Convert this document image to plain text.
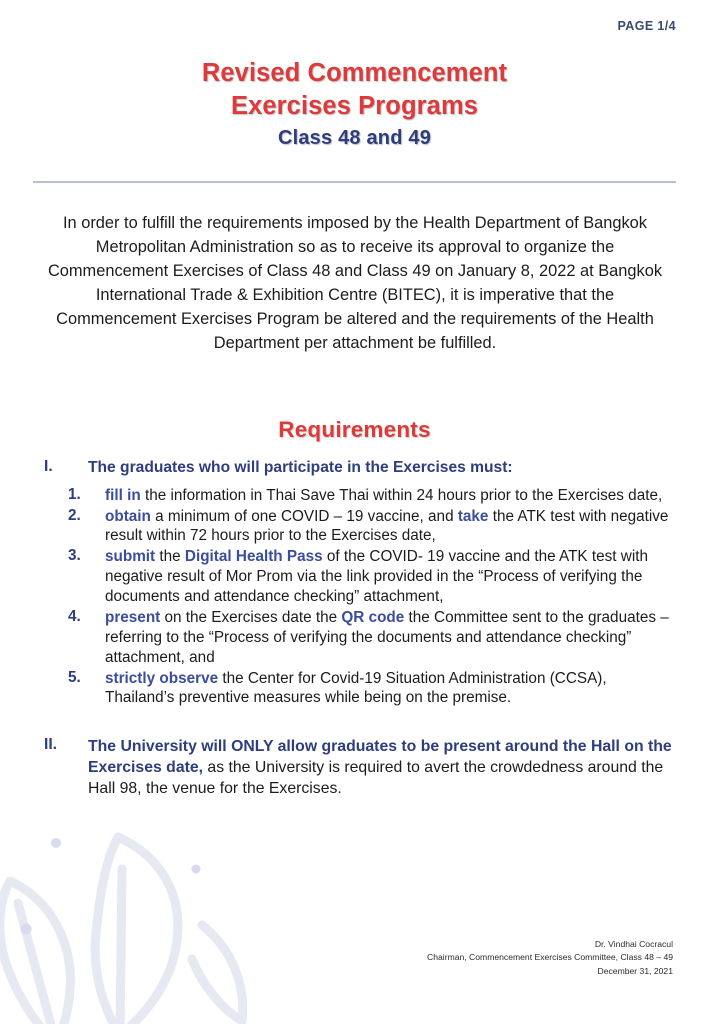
PAGE 1/4
Revised Commencement
Exercises Programs
Class 48 and 49
In order to fulfill the requirements imposed by the Health Department of Bangkok Metropolitan Administration so as to receive its approval to organize the Commencement Exercises of Class 48 and Class 49 on January 8, 2022 at Bangkok International Trade & Exhibition Centre (BITEC), it is imperative that the Commencement Exercises Program be altered and the requirements of the Health Department per attachment be fulfilled.
Requirements
I. The graduates who will participate in the Exercises must:
1. fill in the information in Thai Save Thai within 24 hours prior to the Exercises date,
2. obtain a minimum of one COVID – 19 vaccine, and take the ATK test with negative result within 72 hours prior to the Exercises date,
3. submit the Digital Health Pass of the COVID- 19 vaccine and the ATK test with negative result of Mor Prom via the link provided in the “Process of verifying the documents and attendance checking” attachment,
4. present on the Exercises date the QR code the Committee sent to the graduates – referring to the “Process of verifying the documents and attendance checking” attachment, and
5. strictly observe the Center for Covid-19 Situation Administration (CCSA), Thailand’s preventive measures while being on the premise.
II. The University will ONLY allow graduates to be present around the Hall on the Exercises date, as the University is required to avert the crowdedness around the Hall 98, the venue for the Exercises.
Dr. Vindhai Cocracul
Chairman, Commencement Exercises Committee, Class 48 – 49
December 31, 2021
